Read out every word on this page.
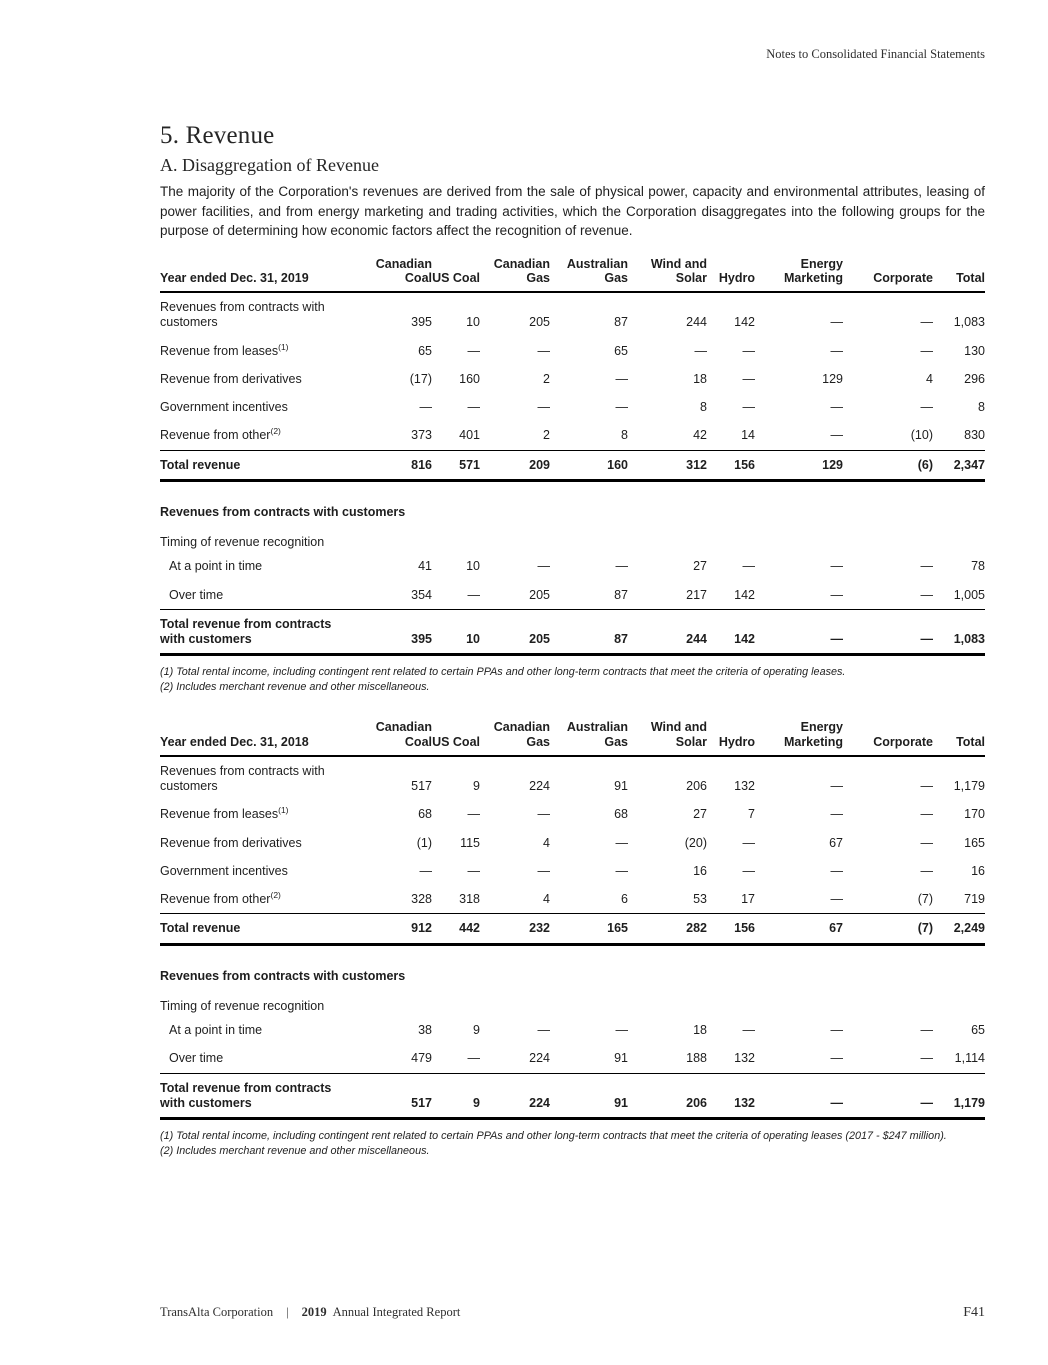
Notes to Consolidated Financial Statements
5. Revenue
A. Disaggregation of Revenue

The majority of the Corporation's revenues are derived from the sale of physical power, capacity and environmental attributes, leasing of power facilities, and from energy marketing and trading activities, which the Corporation disaggregates into the following groups for the purpose of determining how economic factors affect the recognition of revenue.

Year ended Dec. 31, 2019	Canadian Coal	US Coal	Canadian Gas	Australian Gas	Wind and Solar	Hydro	Energy Marketing	Corporate	Total
Revenues from contracts with customers	395	10	205	87	244	142	—	—	1,083
Revenue from leases$^{(1)}$	65	—	—	65	—	—	—	—	130
Revenue from derivatives	(17)	160	2	—	18	—	129	4	296
Government incentives	—	—	—	—	8	—	—	—	8
Revenue from other$^{(2)}$	373	401	2	8	42	14	—	(10)	830
Total revenue	816	571	209	160	312	156	129	(6)	2,347
Revenues from contracts with customers									
Timing of revenue recognition									
At a point in time	41	10	—	—	27	—	—	—	78
Over time	354	—	205	87	217	142	—	—	1,005
Total revenue from contracts with customers	395	10	205	87	244	142	—	—	1,083

(1) Total rental income, including contingent rent related to certain PPAs and other long-term contracts that meet the criteria of operating leases.

(2) Includes merchant revenue and other miscellaneous.

Year ended Dec. 31, 2018	Canadian Coal	US Coal	Canadian Gas	Australian Gas	Wind and Solar	Hydro	Energy Marketing	Corporate	Total
Revenues from contracts with customers	517	9	224	91	206	132	—	—	1,179
Revenue from leases$^{(1)}$	68	—	—	68	27	7	—	—	170
Revenue from derivatives	(1)	115	4	—	(20)	—	67	—	165
Government incentives	—	—	—	—	16	—	—	—	16
Revenue from other$^{(2)}$	328	318	4	6	53	17	—	(7)	719
Total revenue	912	442	232	165	282	156	67	(7)	2,249
Revenues from contracts with customers									
Timing of revenue recognition									
At a point in time	38	9	—	—	18	—	—	—	65
Over time	479	—	224	91	188	132	—	—	1,114
Total revenue from contracts with customers	517	9	224	91	206	132	—	—	1,179

(1) Total rental income, including contingent rent related to certain PPAs and other long-term contracts that meet the criteria of operating leases (2017 - $247 million).

(2) Includes merchant revenue and other miscellaneous.

TransAlta Corporation | 2019 Annual Integrated Report	F41
